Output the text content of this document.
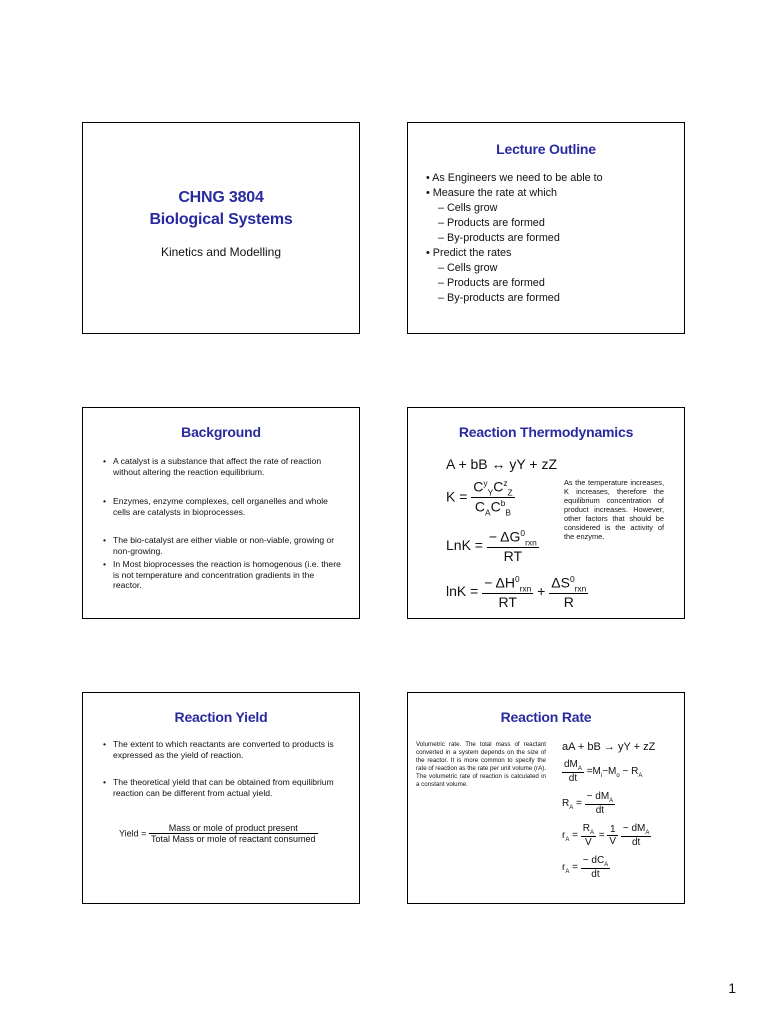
CHNG 3804
Biological Systems
Kinetics and Modelling
Lecture Outline
• As Engineers we need to be able to
• Measure the rate at which
– Cells grow
– Products are formed
– By-products are formed
• Predict the rates
– Cells grow
– Products are formed
– By-products are formed
Background
• A catalyst is a substance that affect the rate of reaction without altering the reaction equilibrium.
• Enzymes, enzyme complexes, cell organelles and whole cells are catalysts in bioprocesses.
• The bio-catalyst are either viable or non-viable, growing or non-growing.
• In Most bioprocesses the reaction is homogenous (i.e. there is not temperature and concentration gradients in the reactor.
Reaction Thermodynamics
A + bB ↔ yY + zZ
$K = \frac{C^y_YC^z_Z}{C_AC^b_B}$
LnK = $\frac{- \Delta G^0_{rxn}}{RT}$
$\ln K = \frac{- \Delta H^0_{rxn}}{RT} + \frac{\Delta S^0_{rxn}}{R}$
As the temperature increases, K increases, therefore the equilibrium concentration of product increases. However, other factors that should be considered is the activity of the enzyme.
Reaction Yield
• The extent to which reactants are converted to products is expressed as the yield of reaction.
• The theoretical yield that can be obtained from equilibrium reaction can be different from actual yield.
Yield = $\frac{\text{Mass or mole of product present}}{\text{Total Mass or mole of reactant consumed}}$
Reaction Rate
Volumetric rate. The total mass of reactant converted in a system depends on the size of the reactor. It is more common to specify the rate of reaction as the rate per unit volume (rA). The volumetric rate of reaction is calculated in a constant volume.
aA + bB → yY + zZ
$\frac{dM_A}{dt} =M_i-M_o - R_A$
$R_A = \frac{- dM_A}{dt}$
$r_A = \frac{R_A}{V} = \frac{1}{V}$
$\frac{- dM_A}{dt}$
$r_A = \frac{- dC_A}{dt}$
1
